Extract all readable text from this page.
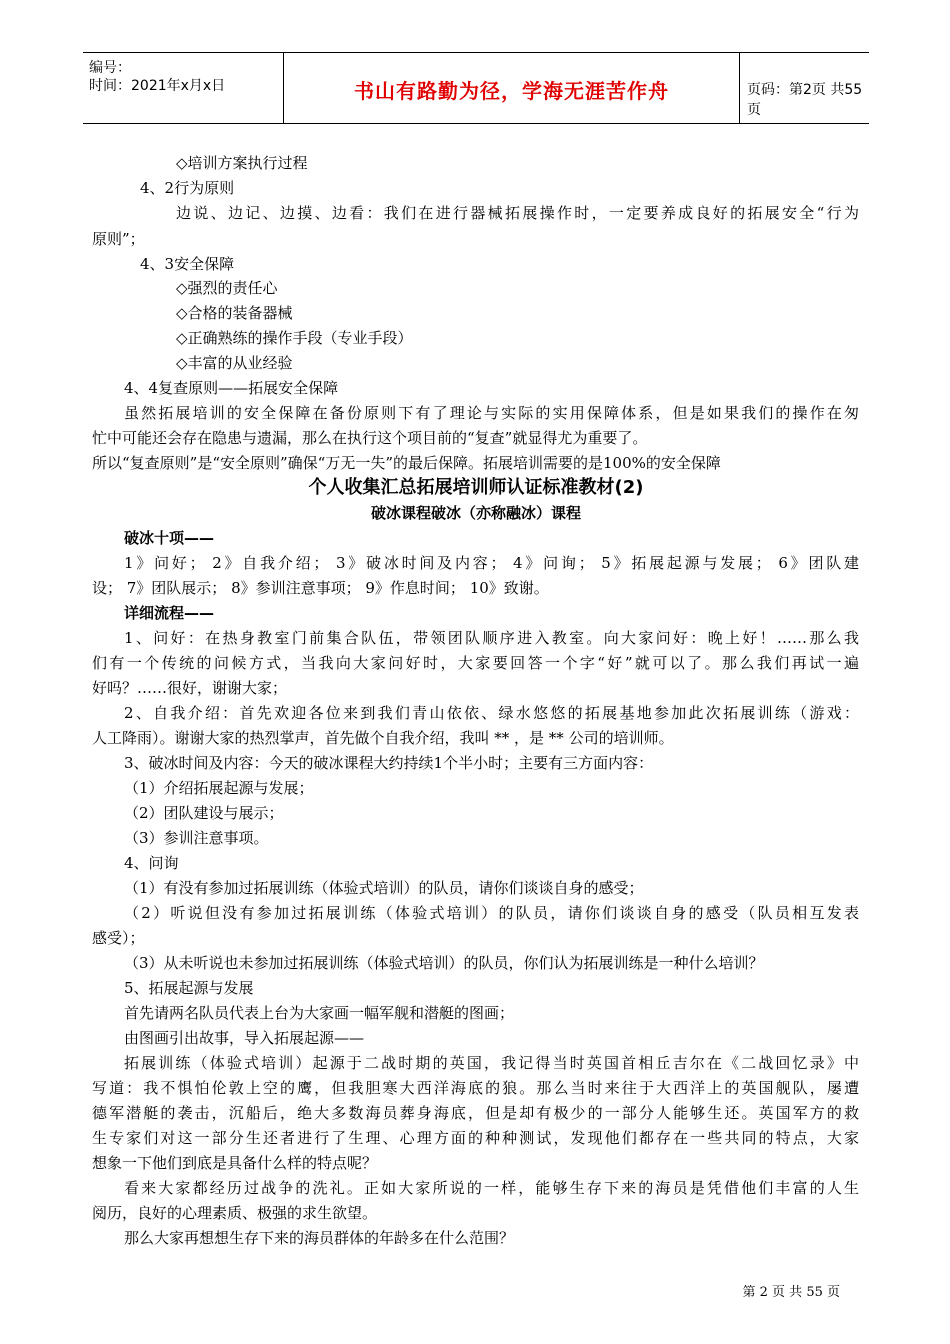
编号：
时间：2021年x月x日	书山有路勤为径，学海无涯苦作舟	页码：第2页 共55页
◇培训方案执行过程
4、2行为原则
边说、边记、边摸、边看：我们在进行器械拓展操作时，一定要养成良好的拓展安全“行为
原则”；
4、3安全保障
◇强烈的责任心
◇合格的装备器械
◇正确熟练的操作手段（专业手段）
◇丰富的从业经验
4、4复查原则——拓展安全保障
虽然拓展培训的安全保障在备份原则下有了理论与实际的实用保障体系，但是如果我们的操作在匆
忙中可能还会存在隐患与遗漏，那么在执行这个项目前的“复查”就显得尤为重要了。
所以“复查原则”是“安全原则”确保“万无一失”的最后保障。拓展培训需要的是100%的安全保障
个人收集汇总拓展培训师认证标准教材(2)
破冰课程破冰（亦称融冰）课程
破冰十项——
1》问好； 2》自我介绍； 3》破冰时间及内容； 4》问询； 5》拓展起源与发展； 6》团队建
设； 7》团队展示； 8》参训注意事项； 9》作息时间； 10》致谢。
详细流程——
1、问好：在热身教室门前集合队伍，带领团队顺序进入教室。向大家问好：晚上好！……那么我
们有一个传统的问候方式，当我向大家问好时，大家要回答一个字“好”就可以了。那么我们再试一遍
好吗？……很好，谢谢大家；
2、自我介绍：首先欢迎各位来到我们青山依依、绿水悠悠的拓展基地参加此次拓展训练（游戏：
人工降雨）。谢谢大家的热烈掌声，首先做个自我介绍，我叫 ** ，是 ** 公司的培训师。
3、破冰时间及内容：今天的破冰课程大约持续1个半小时；主要有三方面内容：
（1）介绍拓展起源与发展；
（2）团队建设与展示；
（3）参训注意事项。
4、问询
（1）有没有参加过拓展训练（体验式培训）的队员，请你们谈谈自身的感受；
（2）听说但没有参加过拓展训练（体验式培训）的队员，请你们谈谈自身的感受（队员相互发表
感受）；
（3）从未听说也未参加过拓展训练（体验式培训）的队员，你们认为拓展训练是一种什么培训？
5、拓展起源与发展
首先请两名队员代表上台为大家画一幅军舰和潜艇的图画；
由图画引出故事，导入拓展起源——
拓展训练（体验式培训）起源于二战时期的英国，我记得当时英国首相丘吉尔在《二战回忆录》中
写道：我不惧怕伦敦上空的鹰，但我胆寒大西洋海底的狼。那么当时来往于大西洋上的英国舰队，屡遭
德军潜艇的袭击，沉船后，绝大多数海员葬身海底，但是却有极少的一部分人能够生还。英国军方的救
生专家们对这一部分生还者进行了生理、心理方面的种种测试，发现他们都存在一些共同的特点，大家
想象一下他们到底是具备什么样的特点呢？
看来大家都经历过战争的洗礼。正如大家所说的一样，能够生存下来的海员是凭借他们丰富的人生
阅历，良好的心理素质、极强的求生欲望。
那么大家再想想生存下来的海员群体的年龄多在什么范围？
第 2 页 共 55 页
